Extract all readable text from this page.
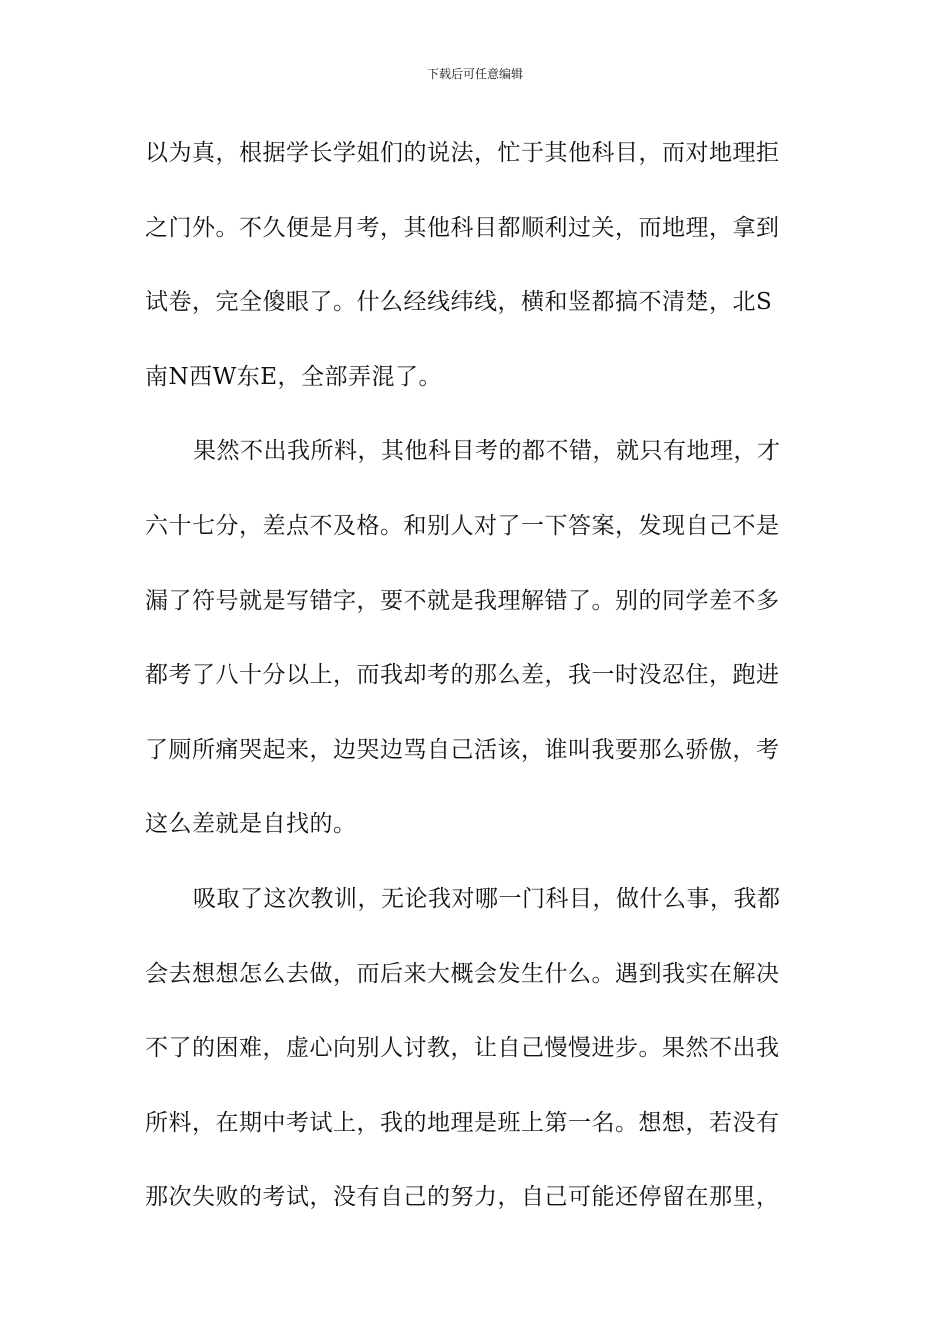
下载后可任意编辑
以为真，根据学长学姐们的说法，忙于其他科目，而对地理拒
之门外。不久便是月考，其他科目都顺利过关，而地理，拿到
试卷，完全傻眼了。什么经线纬线，横和竖都搞不清楚，北S
南N西W东E，全部弄混了。
果然不出我所料，其他科目考的都不错，就只有地理，才
六十七分，差点不及格。和别人对了一下答案，发现自己不是
漏了符号就是写错字，要不就是我理解错了。别的同学差不多
都考了八十分以上，而我却考的那么差，我一时没忍住，跑进
了厕所痛哭起来，边哭边骂自己活该，谁叫我要那么骄傲，考
这么差就是自找的。
吸取了这次教训，无论我对哪一门科目，做什么事，我都
会去想想怎么去做，而后来大概会发生什么。遇到我实在解决
不了的困难，虚心向别人讨教，让自己慢慢进步。果然不出我
所料，在期中考试上，我的地理是班上第一名。想想，若没有
那次失败的考试，没有自己的努力，自己可能还停留在那里，
